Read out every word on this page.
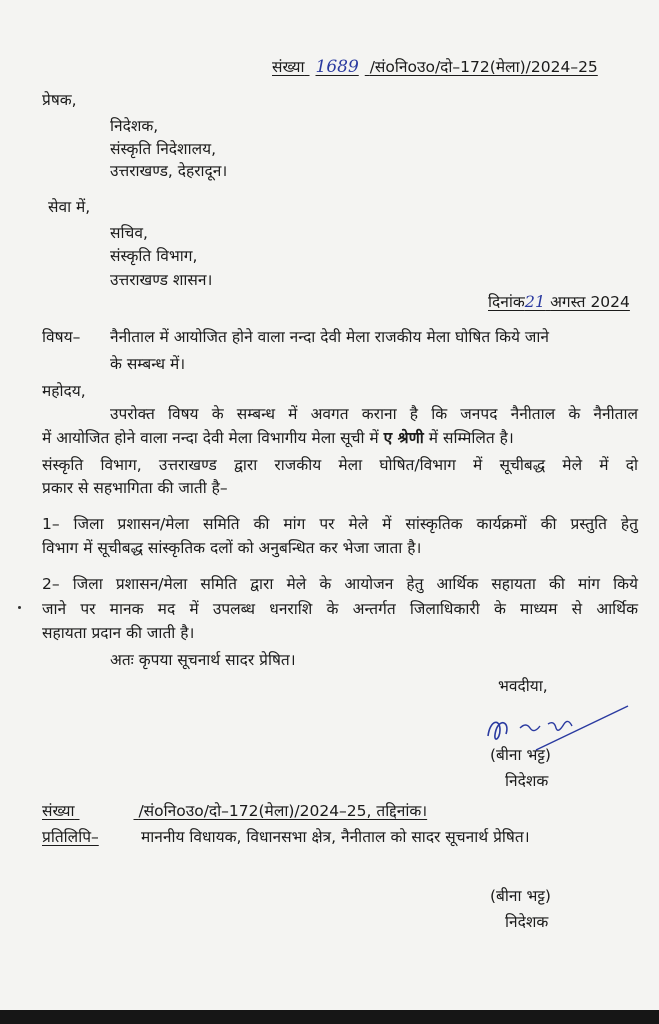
संख्या 1689 /संoनिoउo/दो–172(मेला)/2024–25
प्रेषक,
निदेशक,
संस्कृति निदेशालय,
उत्तराखण्ड, देहरादून।
सेवा में,
सचिव,
संस्कृति विभाग,
उत्तराखण्ड शासन।
दिनांक21 अगस्त 2024
विषय– नैनीताल में आयोजित होने वाला नन्दा देवी मेला राजकीय मेला घोषित किये जाने
के सम्बन्ध में।
महोदय,
उपरोक्त विषय के सम्बन्ध में अवगत कराना है कि जनपद नैनीताल के नैनीताल
में आयोजित होने वाला नन्दा देवी मेला विभागीय मेला सूची में ए श्रेणी में सम्मिलित है।
संस्कृति विभाग, उत्तराखण्ड द्वारा राजकीय मेला घोषित/विभाग में सूचीबद्ध मेले में दो
प्रकार से सहभागिता की जाती है–
1– जिला प्रशासन/मेला समिति की मांग पर मेले में सांस्कृतिक कार्यक्रमों की प्रस्तुति हेतु
विभाग में सूचीबद्ध सांस्कृतिक दलों को अनुबन्धित कर भेजा जाता है।
2– जिला प्रशासन/मेला समिति द्वारा मेले के आयोजन हेतु आर्थिक सहायता की मांग किये
जाने पर मानक मद में उपलब्ध धनराशि के अन्तर्गत जिलाधिकारी के माध्यम से आर्थिक
सहायता प्रदान की जाती है।
अतः कृपया सूचनार्थ सादर प्रेषित।
भवदीया,
(बीना भट्ट)
निदेशक
संख्या	/संoनिoउo/दो–172(मेला)/2024–25, तद्दिनांक।
प्रतिलिपि–	माननीय विधायक, विधानसभा क्षेत्र, नैनीताल को सादर सूचनार्थ प्रेषित।
(बीना भट्ट)
निदेशक
